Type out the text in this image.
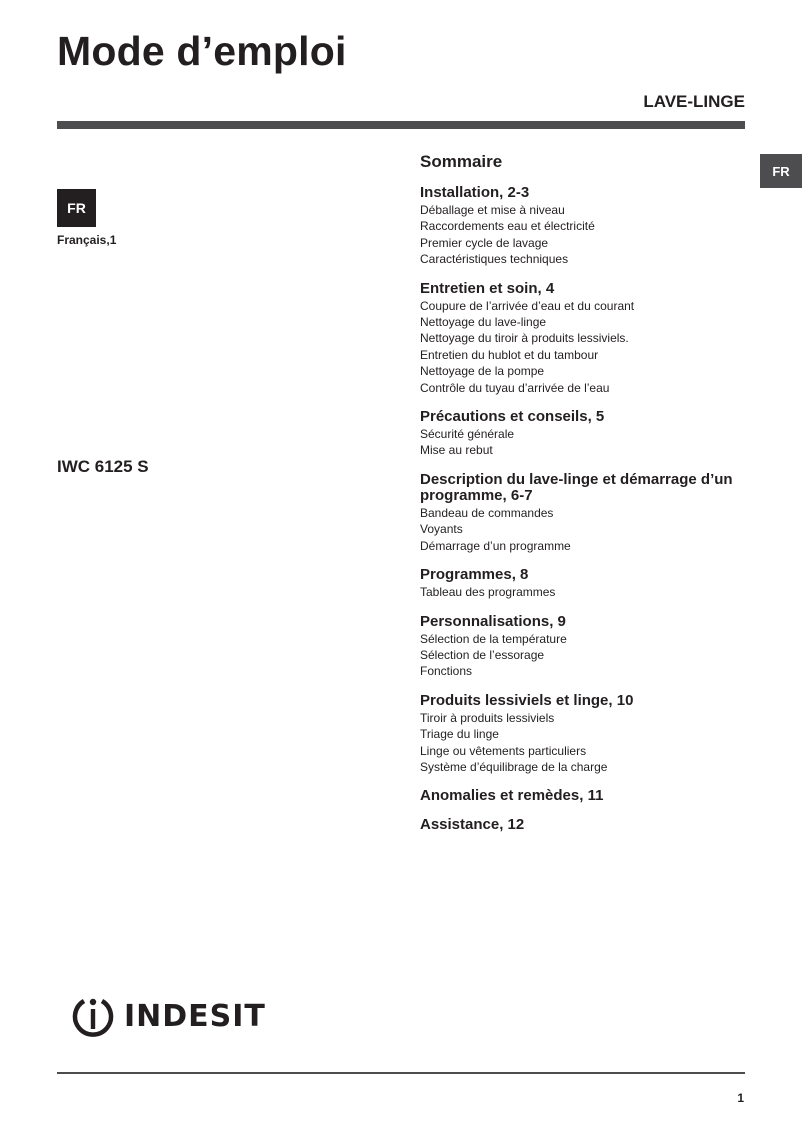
Mode d’emploi
LAVE-LINGE
FR
FR
Français,1
IWC 6125 S
Sommaire
Installation, 2-3
Déballage et mise à niveau
Raccordements eau et électricité
Premier cycle de lavage
Caractéristiques techniques
Entretien et soin, 4
Coupure de l’arrivée d’eau et du courant
Nettoyage du lave-linge
Nettoyage du tiroir à produits lessiviels.
Entretien du hublot et du tambour
Nettoyage de la pompe
Contrôle du tuyau d’arrivée de l’eau
Précautions et conseils, 5
Sécurité générale
Mise au rebut
Description du lave-linge et démarrage d’un programme, 6-7
Bandeau de commandes
Voyants
Démarrage d’un programme
Programmes, 8
Tableau des programmes
Personnalisations, 9
Sélection de la température
Sélection de l’essorage
Fonctions
Produits lessiviels et linge, 10
Tiroir à produits lessiviels
Triage du linge
Linge ou vêtements particuliers
Système d’équilibrage de la charge
Anomalies et remèdes, 11
Assistance, 12
INDESIT
1
